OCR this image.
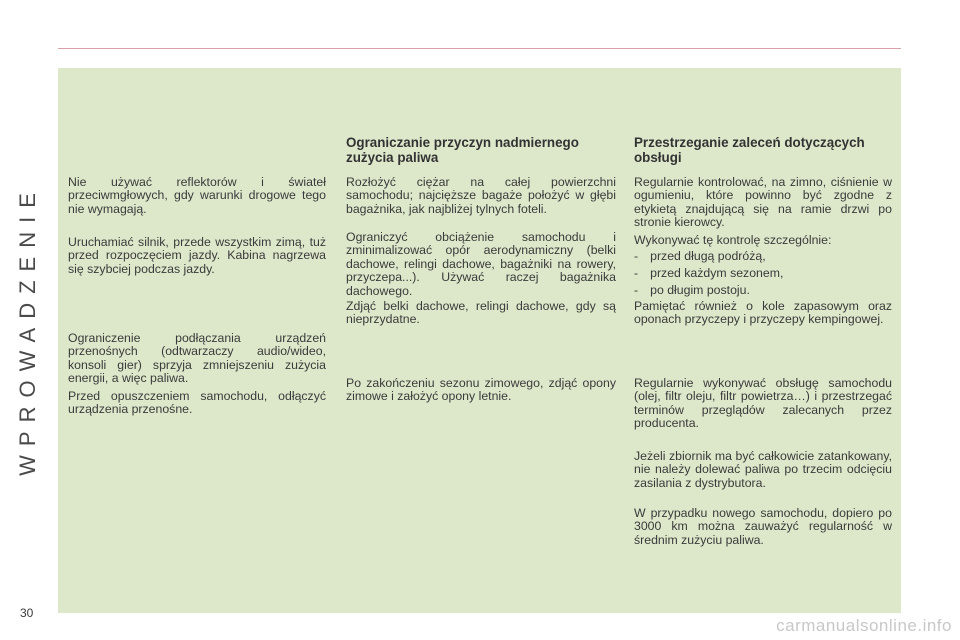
WPROWADZENIE

Nie używać reflektorów i świateł przeciwmgłowych, gdy warunki drogowe tego nie wymagają.

Uruchamiać silnik, przede wszystkim zimą, tuż przed rozpoczęciem jazdy. Kabina nagrzewa się szybciej podczas jazdy.

Ograniczenie podłączania urządzeń przenośnych (odtwarzaczy audio/wideo, konsoli gier) sprzyja zmniejszeniu zużycia energii, a więc paliwa.

Przed opuszczeniem samochodu, odłączyć urządzenia przenośne.

Ograniczanie przyczyn nadmiernego zużycia paliwa

Rozłożyć ciężar na całej powierzchni samochodu; najcięższe bagaże położyć w głębi bagażnika, jak najbliżej tylnych foteli.

Ograniczyć obciążenie samochodu i zminimalizować opór aerodynamiczny (belki dachowe, relingi dachowe, bagażniki na rowery, przyczepa...). Używać raczej bagażnika dachowego.

Zdjąć belki dachowe, relingi dachowe, gdy są nieprzydatne.

Po zakończeniu sezonu zimowego, zdjąć opony zimowe i założyć opony letnie.

Przestrzeganie zaleceń dotyczących obsługi

Regularnie kontrolować, na zimno, ciśnienie w ogumieniu, które powinno być zgodne z etykietą znajdującą się na ramie drzwi po stronie kierowcy.

Wykonywać tę kontrolę szczególnie:

- przed długą podróżą,
- przed każdym sezonem,
- po długim postoju.

Pamiętać również o kole zapasowym oraz oponach przyczepy i przyczepy kempingowej.

Regularnie wykonywać obsługę samochodu (olej, filtr oleju, filtr powietrza…) i przestrzegać terminów przeglądów zalecanych przez producenta.

Jeżeli zbiornik ma być całkowicie zatankowany, nie należy dolewać paliwa po trzecim odcięciu zasilania z dystrybutora.

W przypadku nowego samochodu, dopiero po 3000 km można zauważyć regularność w średnim zużyciu paliwa.

30
carmanualsonline.info
